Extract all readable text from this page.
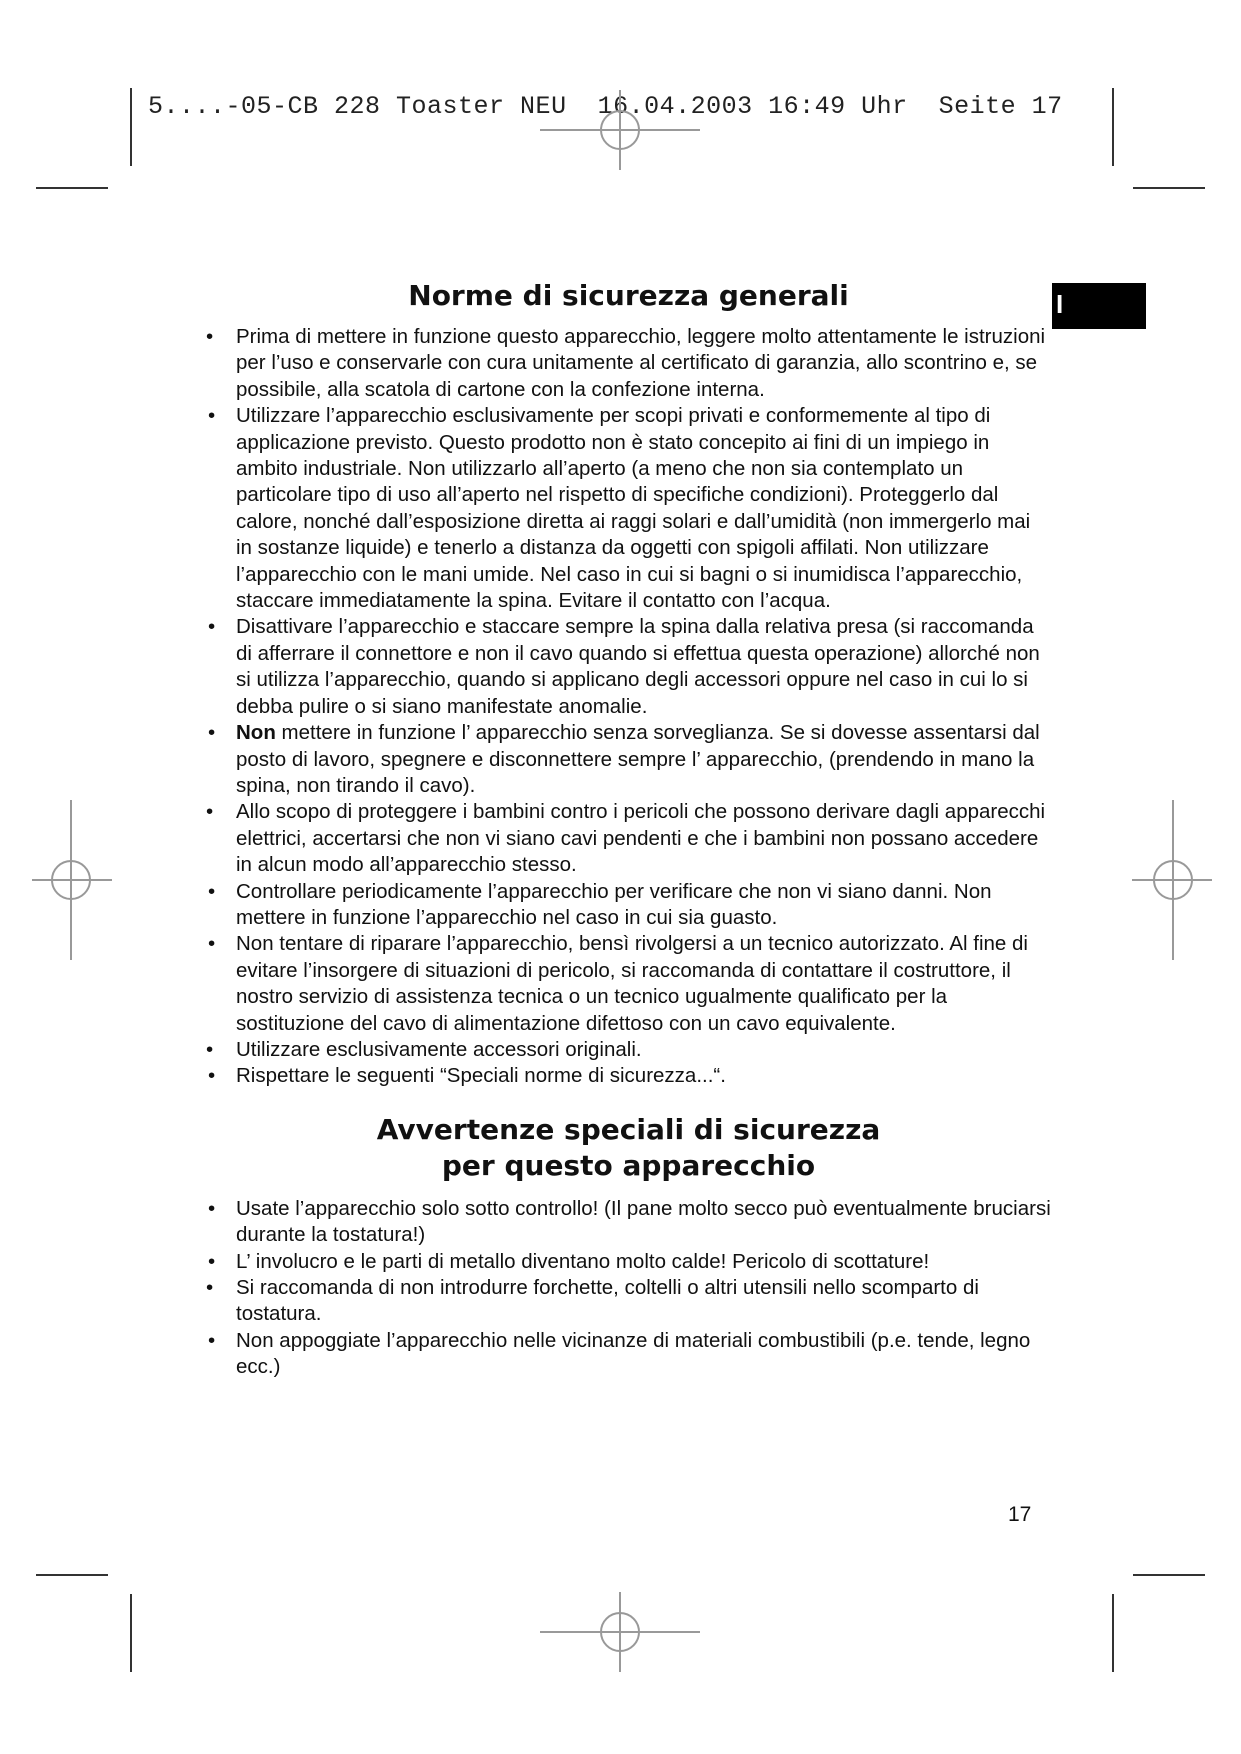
5....-05-CB 228 Toaster NEU  16.04.2003 16:49 Uhr  Seite 17
I
Norme di sicurezza generali
• Prima di mettere in funzione questo apparecchio, leggere molto attentamente le istruzioni per l’uso e conservarle con cura unitamente al certificato di garanzia, allo scontrino e, se possibile, alla scatola di cartone con la confezione interna.
• Utilizzare l’apparecchio esclusivamente per scopi privati e conformemente al tipo di applicazione previsto. Questo prodotto non è stato concepito ai fini di un impiego in ambito industriale. Non utilizzarlo all’aperto (a meno che non sia contemplato un particolare tipo di uso all’aperto nel rispetto di specifiche condizioni). Proteggerlo dal calore, nonché dall’esposizione diretta ai raggi solari e dall’umidità (non immergerlo mai in sostanze liquide) e tenerlo a distanza da oggetti con spigoli affilati. Non utilizzare l’apparecchio con le mani umide. Nel caso in cui si bagni o si inumidisca l’apparecchio, staccare immediatamente la spina. Evitare il contatto con l’acqua.
• Disattivare l’apparecchio e staccare sempre la spina dalla relativa presa (si raccomanda di afferrare il connettore e non il cavo quando si effettua questa operazione) allorché non si utilizza l’apparecchio, quando si applicano degli accessori oppure nel caso in cui lo si debba pulire o si siano manifestate anomalie.
• Non mettere in funzione l’ apparecchio senza sorveglianza. Se si dovesse assentarsi dal posto di lavoro, spegnere e disconnettere sempre l’ apparecchio, (prendendo in mano la spina, non tirando il cavo).
• Allo scopo di proteggere i bambini contro i pericoli che possono derivare dagli apparecchi elettrici, accertarsi che non vi siano cavi pendenti e che i bambini non possano accedere in alcun modo all’apparecchio stesso.
• Controllare periodicamente l’apparecchio per verificare che non vi siano danni. Non mettere in funzione l’apparecchio nel caso in cui sia guasto.
• Non tentare di riparare l’apparecchio, bensì rivolgersi a un tecnico autorizzato. Al fine di evitare l’insorgere di situazioni di pericolo, si raccomanda di contattare il costruttore, il nostro servizio di assistenza tecnica o un tecnico ugualmente qualificato per la sostituzione del cavo di alimentazione difettoso con un cavo equivalente.
• Utilizzare esclusivamente accessori originali.
• Rispettare le seguenti “Speciali norme di sicurezza...“.
Avvertenze speciali di sicurezza
per questo apparecchio
• Usate l’apparecchio solo sotto controllo! (Il pane molto secco può eventualmente bruciarsi durante la tostatura!)
• L’ involucro e le parti di metallo diventano molto calde! Pericolo di scottature!
• Si raccomanda di non introdurre forchette, coltelli o altri utensili nello scomparto di tostatura.
• Non appoggiate l’apparecchio nelle vicinanze di materiali combustibili (p.e. tende, legno ecc.)
17
